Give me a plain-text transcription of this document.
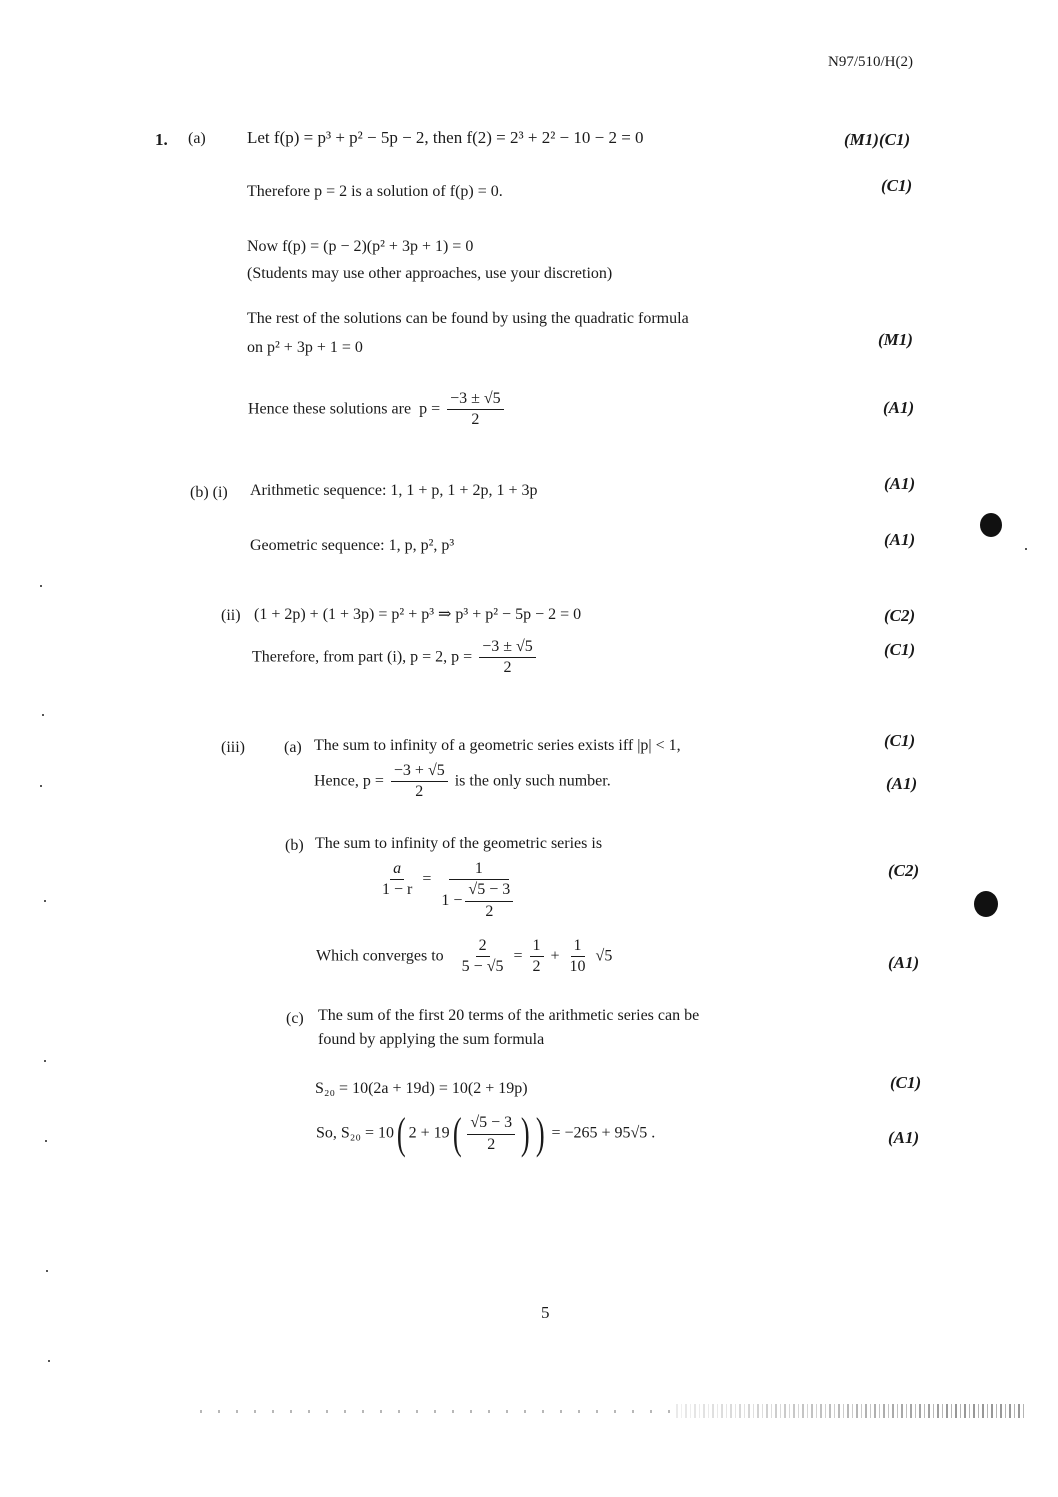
N97/510/H(2)
1. (a) Let f(p) = p³ + p² − 5p − 2, then f(2) = 2³ + 2² − 10 − 2 = 0	(M1)(C1)
Therefore p = 2 is a solution of f(p) = 0.	(C1)
Now f(p) = (p − 2)(p² + 3p + 1) = 0
(Students may use other approaches, use your discretion)
The rest of the solutions can be found by using the quadratic formula
on p² + 3p + 1 = 0	(M1)
Hence these solutions are $p = \frac{-3 \pm √5}{2}$	(A1)
(b) (i) Arithmetic sequence: 1, 1 + p, 1 + 2p, 1 + 3p	(A1)
Geometric sequence: 1, p, p², p³	(A1)
(ii) (1 + 2p) + (1 + 3p) = p² + p³ ⇒ p³ + p² − 5p − 2 = 0	(C2)
Therefore, from part (i), p = 2, $p = \frac{-3 \pm √5}{2}$	(C1)
(iii) (a) The sum to infinity of a geometric series exists iff |p| < 1,	(C1)
Hence, $p = \frac{-3 + √5}{2}$ is the only such number.	(A1)
(b) The sum to infinity of the geometric series is
$\frac{a}{1 - r} = \frac{1}{1 - \frac{√5 - 3}{2}}$	(C2)
Which converges to $\frac{2}{5 - √5} = \frac{1}{2} + \frac{1}{10} √5$	(A1)
(c) The sum of the first 20 terms of the arithmetic series can be
found by applying the sum formula
S₂₀ = 10(2a + 19d) = 10(2 + 19p)	(C1)
So, S₂₀ = 10( $2 + 19( \frac{√5 - 3}{2}$ ) ) = −265 + 95√5 .	(A1)
5
